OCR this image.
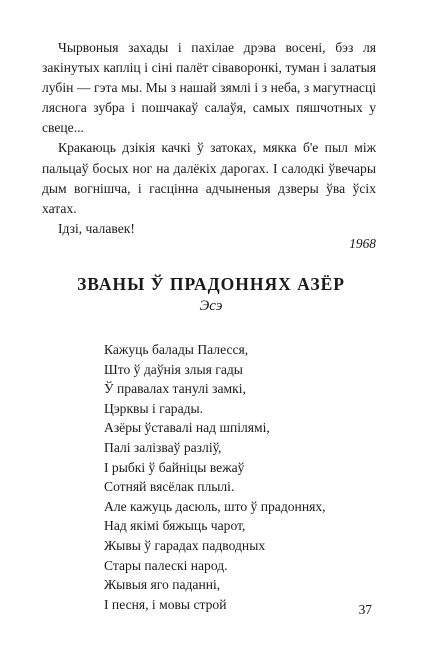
Чырвоныя захады і пахілае дрэва восені, бэз ля закінутых капліц і сіні палёт сівaворонкі, туман і залатыя лубін — гэта мы. Мы з нашай зямлі і з неба, з магутнасці ляснога зубра і пошчакаў салаўя, самых пяшчотных у свеце...

Кракаюць дзікія качкі ў затоках, мякка б'е пыл між пальцаў босых ног на далёкіх дарогах. І салодкі ўвечары дым вогнішча, і гасцінна адчыненыя дзверы ўва ўсіх хатах.

Ідзі, чалавек!

1968
ЗВАНЫ Ў ПРАДОННЯХ АЗЁР
Эсэ
Кажуць балады Палесся,
Што ў даўнія злыя гады
Ў правалах танулі замкі,
Цэрквы і гарады.
Азёры ўставалі над шпілямі,
Палі залізваў разліў,
І рыбкі ў байніцы вежаў
Сотняй вясёлак плылі.
Але кажуць дасюль, што ў прадоннях,
Над якімі бяжыць чарот,
Жывы ў гарадах падводных
Стары палескі народ.
Жывыя яго паданні,
І песня, і мовы строй	37
